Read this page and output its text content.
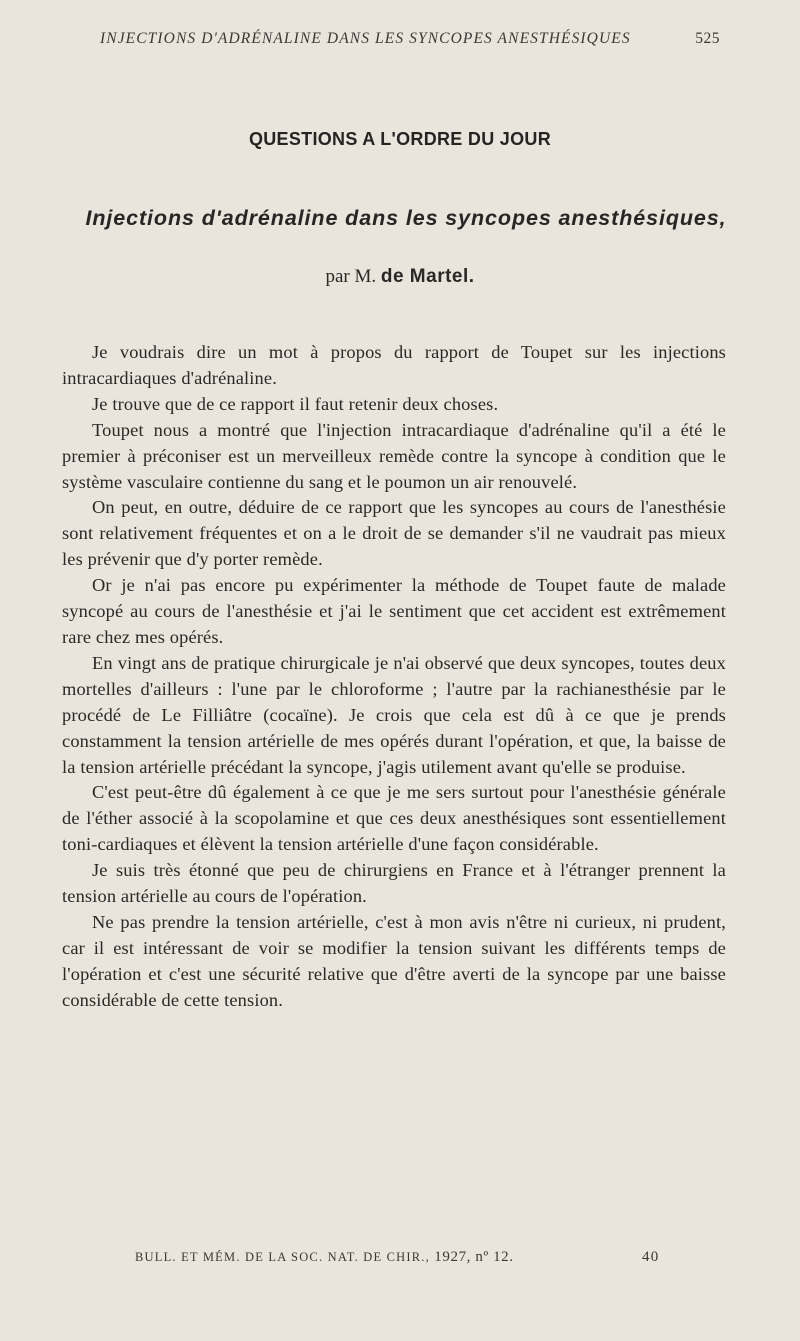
INJECTIONS D'ADRÉNALINE DANS LES SYNCOPES ANESTHÉSIQUES	525
QUESTIONS A L'ORDRE DU JOUR
Injections d'adrénaline dans les syncopes anesthésiques,
par M. de Martel.

Je voudrais dire un mot à propos du rapport de Toupet sur les injections intracardiaques d'adrénaline.

Je trouve que de ce rapport il faut retenir deux choses.

Toupet nous a montré que l'injection intracardiaque d'adrénaline qu'il a été le premier à préconiser est un merveilleux remède contre la syncope à condition que le système vasculaire contienne du sang et le poumon un air renouvelé.

On peut, en outre, déduire de ce rapport que les syncopes au cours de l'anesthésie sont relativement fréquentes et on a le droit de se demander s'il ne vaudrait pas mieux les prévenir que d'y porter remède.

Or je n'ai pas encore pu expérimenter la méthode de Toupet faute de malade syncopé au cours de l'anesthésie et j'ai le sentiment que cet accident est extrêmement rare chez mes opérés.

En vingt ans de pratique chirurgicale je n'ai observé que deux syncopes, toutes deux mortelles d'ailleurs : l'une par le chloroforme ; l'autre par la rachianesthésie par le procédé de Le Filliâtre (cocaïne). Je crois que cela est dû à ce que je prends constamment la tension artérielle de mes opérés durant l'opération, et que, la baisse de la tension artérielle précédant la syncope, j'agis utilement avant qu'elle se produise.

C'est peut-être dû également à ce que je me sers surtout pour l'anesthésie générale de l'éther associé à la scopolamine et que ces deux anesthésiques sont essentiellement toni-cardiaques et élèvent la tension artérielle d'une façon considérable.

Je suis très étonné que peu de chirurgiens en France et à l'étranger prennent la tension artérielle au cours de l'opération.

Ne pas prendre la tension artérielle, c'est à mon avis n'être ni curieux, ni prudent, car il est intéressant de voir se modifier la tension suivant les différents temps de l'opération et c'est une sécurité relative que d'être averti de la syncope par une baisse considérable de cette tension.

BULL. ET MÉM. DE LA SOC. NAT. DE CHIR., 1927, nº 12.	40
